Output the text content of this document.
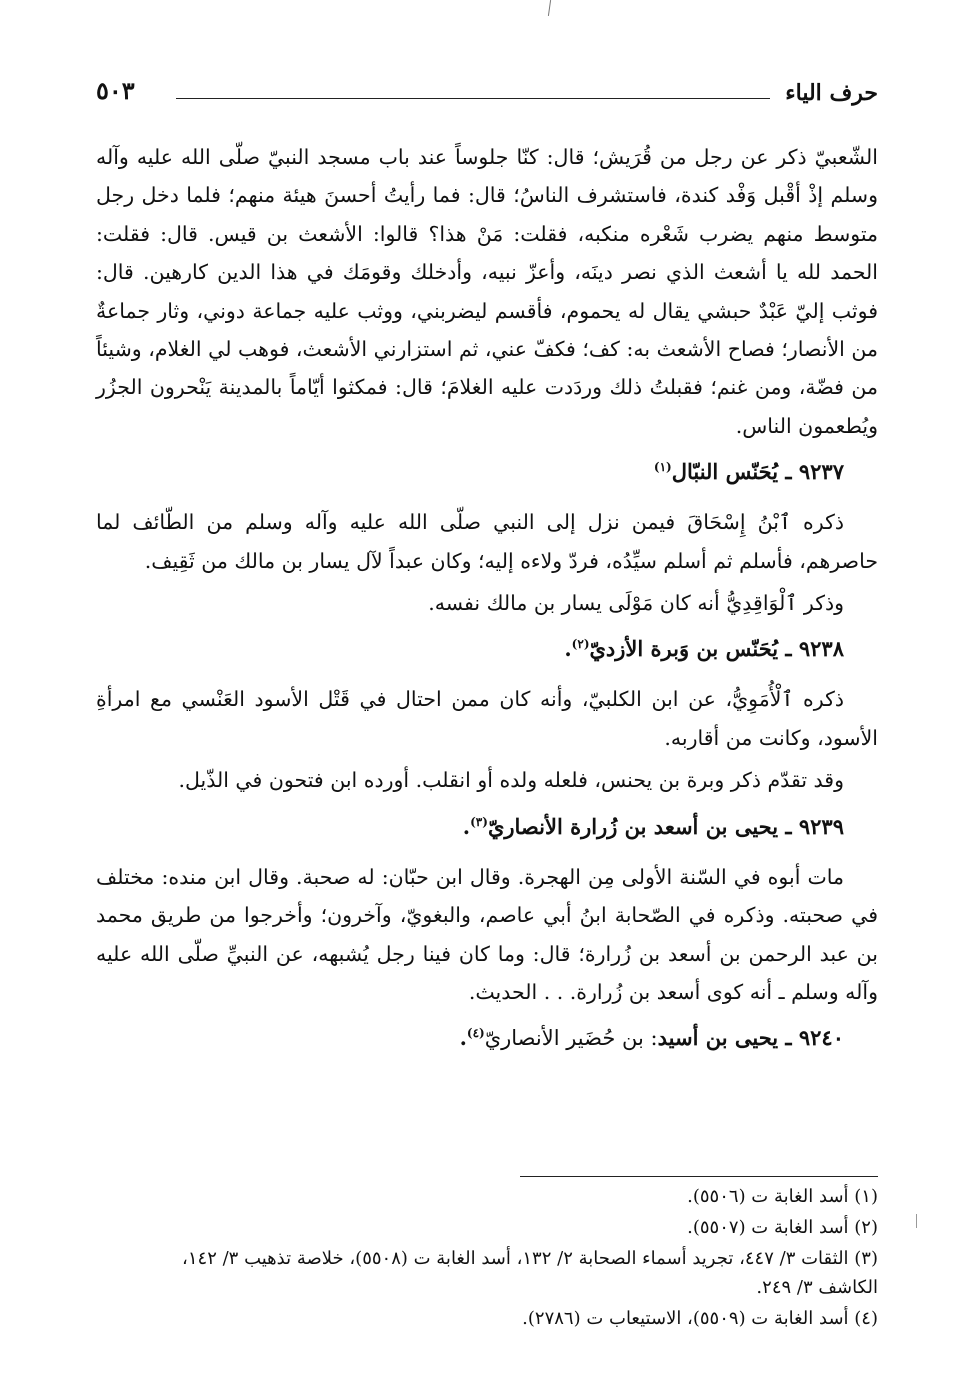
حرف الياء
٥٠٣

الشّعبيّ ذكر عن رجل من قُرَيش؛ قال: كنّا جلوساً عند باب مسجد النبيّ صلّى الله عليه وآله وسلم إذْ أقْبل وَفْد كندة، فاستشرف الناسُ؛ قال: فما رأيتُ أحسنَ هيئة منهم؛ فلما دخل رجل متوسط منهم يضرب شَعْره منكبه، فقلت: مَنْ هذا؟ قالوا: الأشعث بن قيس. قال: فقلت: الحمد لله يا أشعث الذي نصر دينَه، وأعزّ نبيه، وأدخلك وقومَك في هذا الدين كارهين. قال: فوثب إليّ عَبْدٌ حبشي يقال له يحموم، فأقسم ليضربني، ووثب عليه جماعة دوني، وثار جماعةٌ من الأنصار؛ فصاح الأشعث به: كف؛ فكفّ عني، ثم استزارني الأشعث، فوهب لي الغلام، وشيئاً من فضّة، ومن غنم؛ فقبلتُ ذلك وردَدت عليه الغلامَ؛ قال: فمكثوا أيّاماً بالمدينة يَنْحرون الجزُر ويُطعمون الناس.

٩٢٣٧ ـ يُحَنّس النبّال$^{(١)}$

ذكره ٱبْنُ إِسْحَاقَ فيمن نزل إلى النبي صلّى الله عليه وآله وسلم من الطّائف لما حاصرهم، فأسلم ثم أسلم سيِّدُه، فردّ ولاءه إليه؛ وكان عبداً لآل يسار بن مالك من ثَقِيف.

وذكر ٱلْوَاقِدِيُّ أنه كان مَوْلَى يسار بن مالك نفسه.

٩٢٣٨ ـ يُحَنّس بن وَبرة الأزديّ$^{(٢)}$.

ذكره ٱلْأُمَوِيُّ، عن ابن الكلبيّ، وأنه كان ممن احتال في قَتْل الأسود العَنْسي مع امرأةِ الأسود، وكانت من أقاربه.

وقد تقدّم ذكر وبرة بن يحنس، فلعله ولده أو انقلب. أورده ابن فتحون في الذّيل.

٩٢٣٩ ـ يحيى بن أسعد بن زُرارة الأنصاريّ$^{(٣)}$.

مات أبوه في السّنة الأولى مِن الهجرة. وقال ابن حبّان: له صحبة. وقال ابن منده: مختلف في صحبته. وذكره في الصّحابة ابنُ أبي عاصم، والبغويّ، وآخرون؛ وأخرجوا من طريق محمد بن عبد الرحمن بن أسعد بن زُرارة؛ قال: وما كان فينا رجل يُشبهه، عن النبيِّ صلّى الله عليه وآله وسلم ـ أنه كوى أسعد بن زُرارة. . . الحديث.

٩٢٤٠ ـ يحيى بن أسيد: بن حُضَير الأنصاريّ$^{(٤)}$.

(١) أسد الغابة ت (٥٥٠٦).

(٢) أسد الغابة ت (٥٥٠٧).

(٣) الثقات ٣/ ٤٤٧، تجريد أسماء الصحابة ٢/ ١٣٢، أسد الغابة ت (٥٥٠٨)، خلاصة تذهيب ٣/ ١٤٢،
الكاشف ٣/ ٢٤٩.

(٤) أسد الغابة ت (٥٥٠٩)، الاستيعاب ت (٢٧٨٦).
